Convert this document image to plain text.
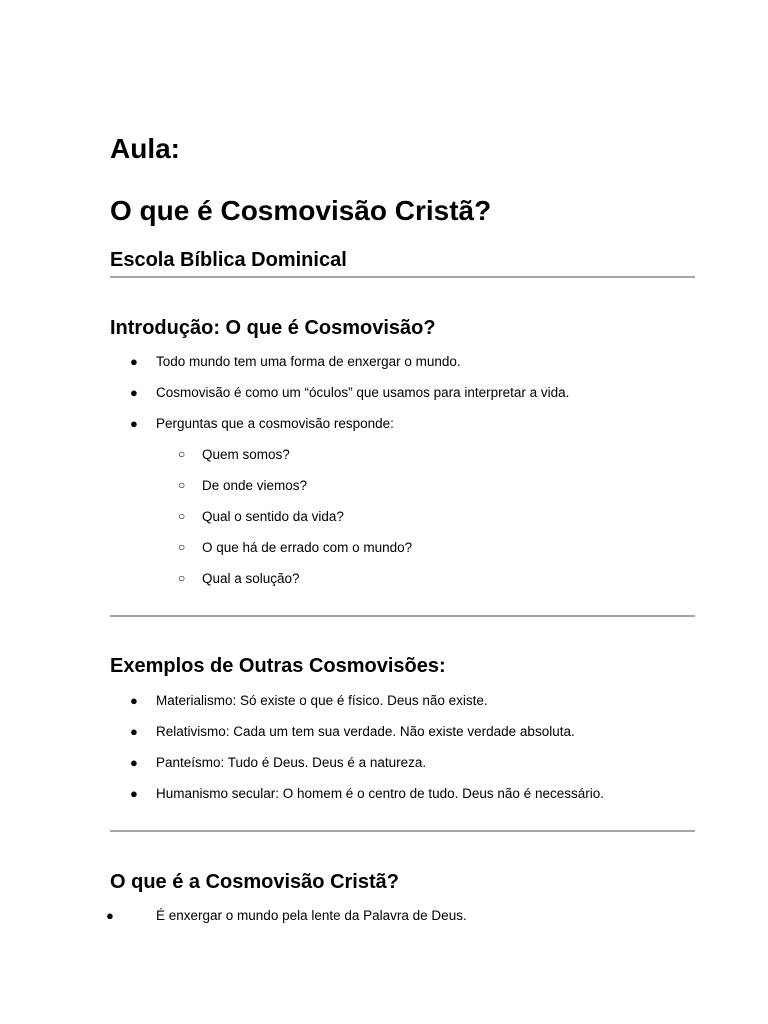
Aula:
O que é Cosmovisão Cristã?
Escola Bíblica Dominical
Introdução: O que é Cosmovisão?
● Todo mundo tem uma forma de enxergar o mundo.
● Cosmovisão é como um “óculos” que usamos para interpretar a vida.
● Perguntas que a cosmovisão responde:
○ Quem somos?
○ De onde viemos?
○ Qual o sentido da vida?
○ O que há de errado com o mundo?
○ Qual a solução?
Exemplos de Outras Cosmovisões:
● Materialismo: Só existe o que é físico. Deus não existe.
● Relativismo: Cada um tem sua verdade. Não existe verdade absoluta.
● Panteísmo: Tudo é Deus. Deus é a natureza.
● Humanismo secular: O homem é o centro de tudo. Deus não é necessário.
O que é a Cosmovisão Cristã?
●	É enxergar o mundo pela lente da Palavra de Deus.
